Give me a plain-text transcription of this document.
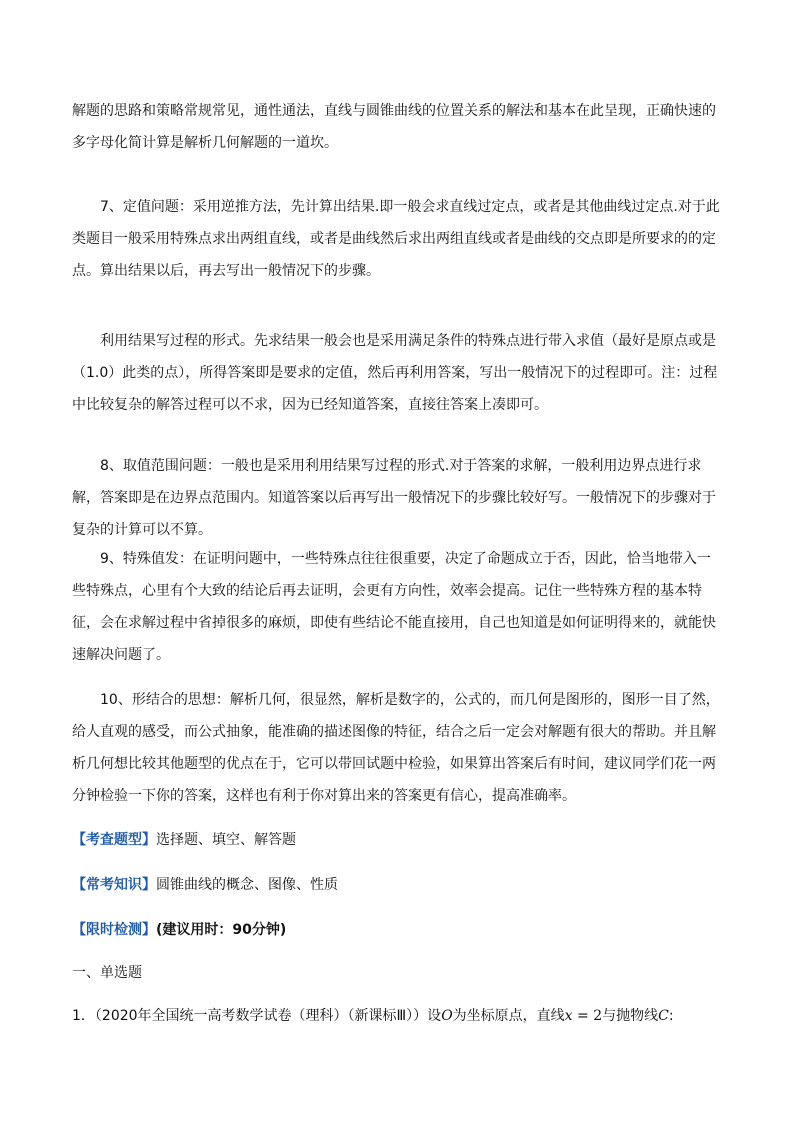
解题的思路和策略常规常见，通性通法，直线与圆锥曲线的位置关系的解法和基本在此呈现，正确快速的多字母化简计算是解析几何解题的一道坎。
7、定值问题：采用逆推方法，先计算出结果.即一般会求直线过定点，或者是其他曲线过定点.对于此类题目一般采用特殊点求出两组直线，或者是曲线然后求出两组直线或者是曲线的交点即是所要求的的定点。算出结果以后，再去写出一般情况下的步骤。
利用结果写过程的形式。先求结果一般会也是采用满足条件的特殊点进行带入求值（最好是原点或是（1.0）此类的点），所得答案即是要求的定值，然后再利用答案，写出一般情况下的过程即可。注：过程中比较复杂的解答过程可以不求，因为已经知道答案，直接往答案上凑即可。
8、取值范围问题：一般也是采用利用结果写过程的形式.对于答案的求解，一般利用边界点进行求解，答案即是在边界点范围内。知道答案以后再写出一般情况下的步骤比较好写。一般情况下的步骤对于复杂的计算可以不算。
9、特殊值发：在证明问题中，一些特殊点往往很重要，决定了命题成立于否，因此，恰当地带入一些特殊点，心里有个大致的结论后再去证明，会更有方向性，效率会提高。记住一些特殊方程的基本特征，会在求解过程中省掉很多的麻烦，即使有些结论不能直接用，自己也知道是如何证明得来的，就能快速解决问题了。
10、形结合的思想：解析几何，很显然，解析是数字的，公式的，而几何是图形的，图形一目了然，给人直观的感受，而公式抽象，能准确的描述图像的特征，结合之后一定会对解题有很大的帮助。并且解析几何想比较其他题型的优点在于，它可以带回试题中检验，如果算出答案后有时间，建议同学们花一两分钟检验一下你的答案，这样也有利于你对算出来的答案更有信心，提高准确率。
【考查题型】选择题、填空、解答题
【常考知识】圆锥曲线的概念、图像、性质
【限时检测】(建议用时：90分钟)
一、单选题
1．（2020年全国统一高考数学试卷（理科）（新课标Ⅲ））设O为坐标原点，直线x = 2与抛物线C:
